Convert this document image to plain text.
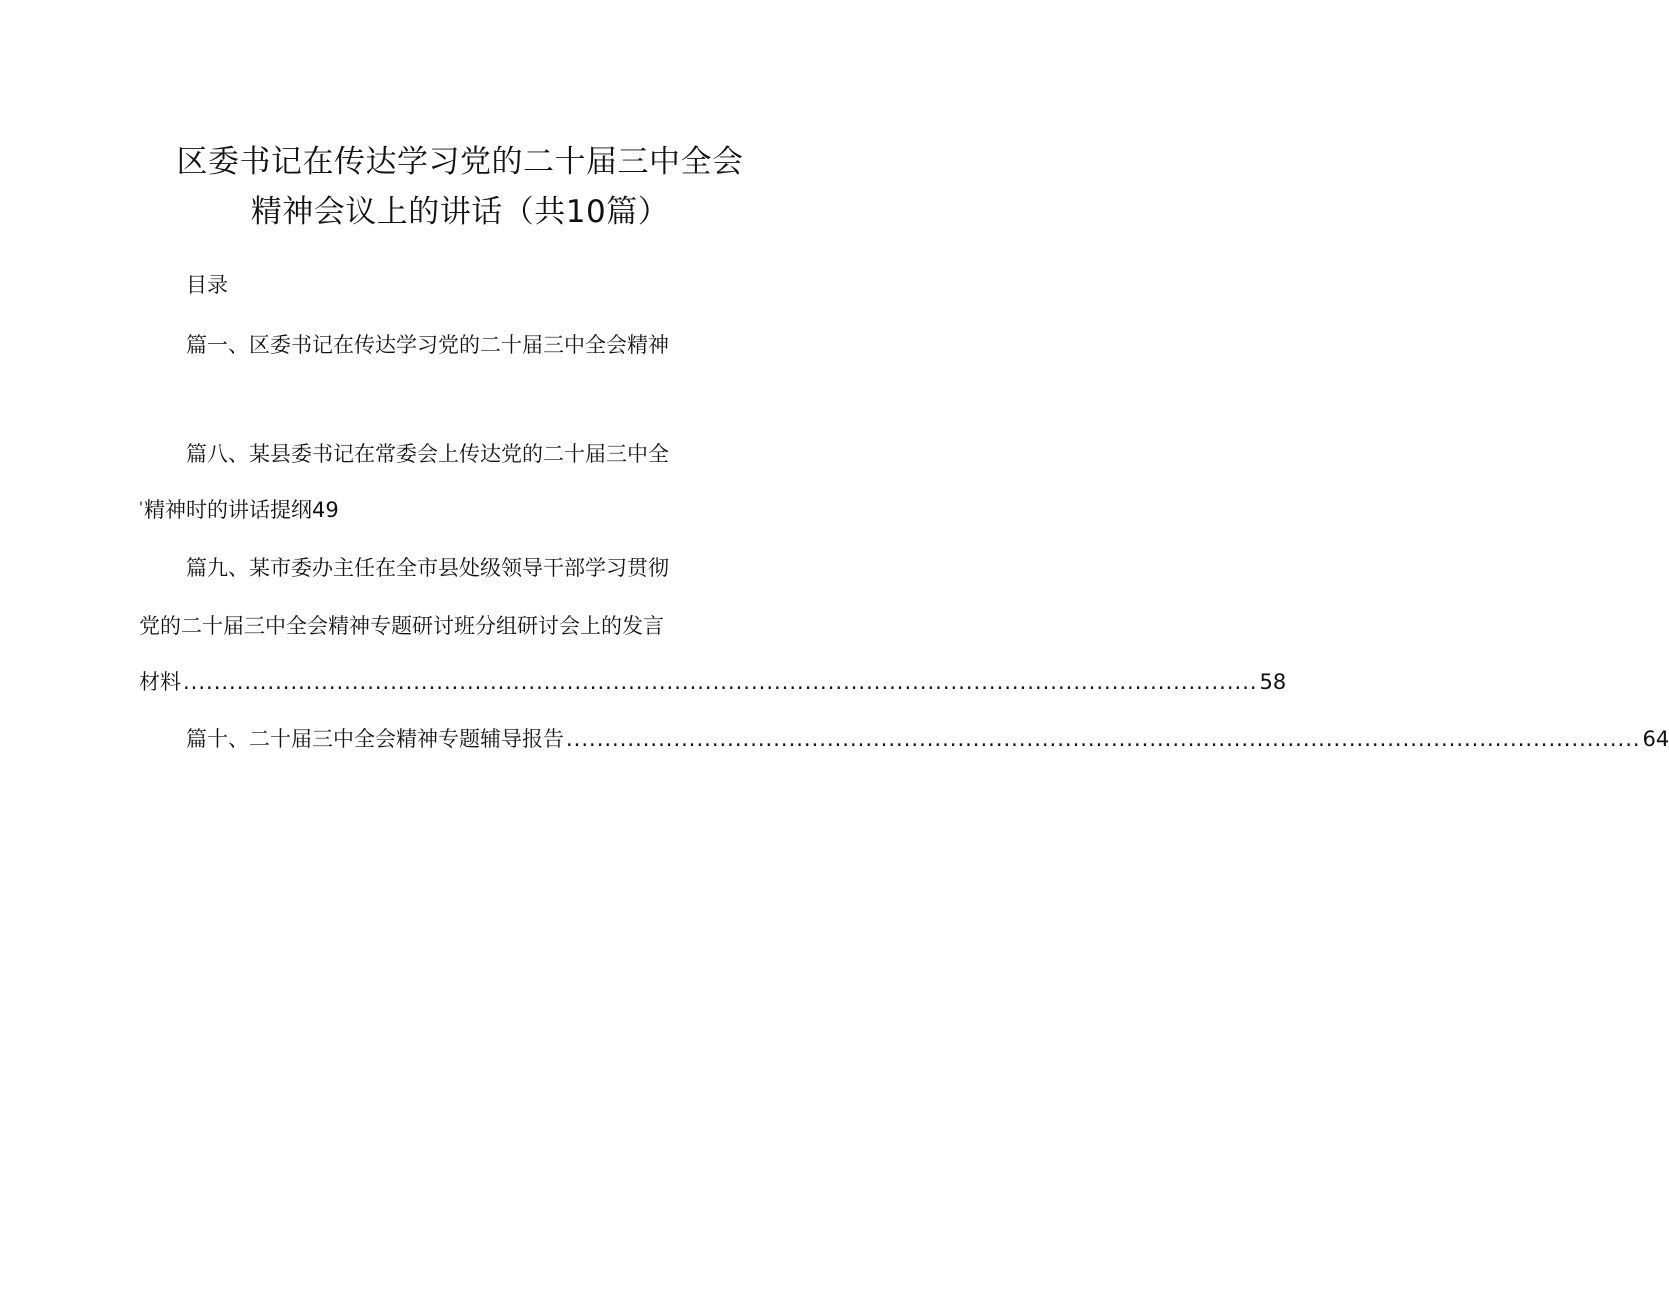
区委书记在传达学习党的二十届三中全会
精神会议上的讲话（共10篇）
目录
篇一、区委书记在传达学习党的二十届三中全会精神
篇八、某县委书记在常委会上传达党的二十届三中全
' 精神时的讲话提纲49
篇九、某市委办主任在全市县处级领导干部学习贯彻
党的二十届三中全会精神专题研讨班分组研讨会上的发言
材料 ............................................................................................................................................ 58
篇十、二十届三中全会精神专题辅导报告 ............................................................................................................................................ 64
